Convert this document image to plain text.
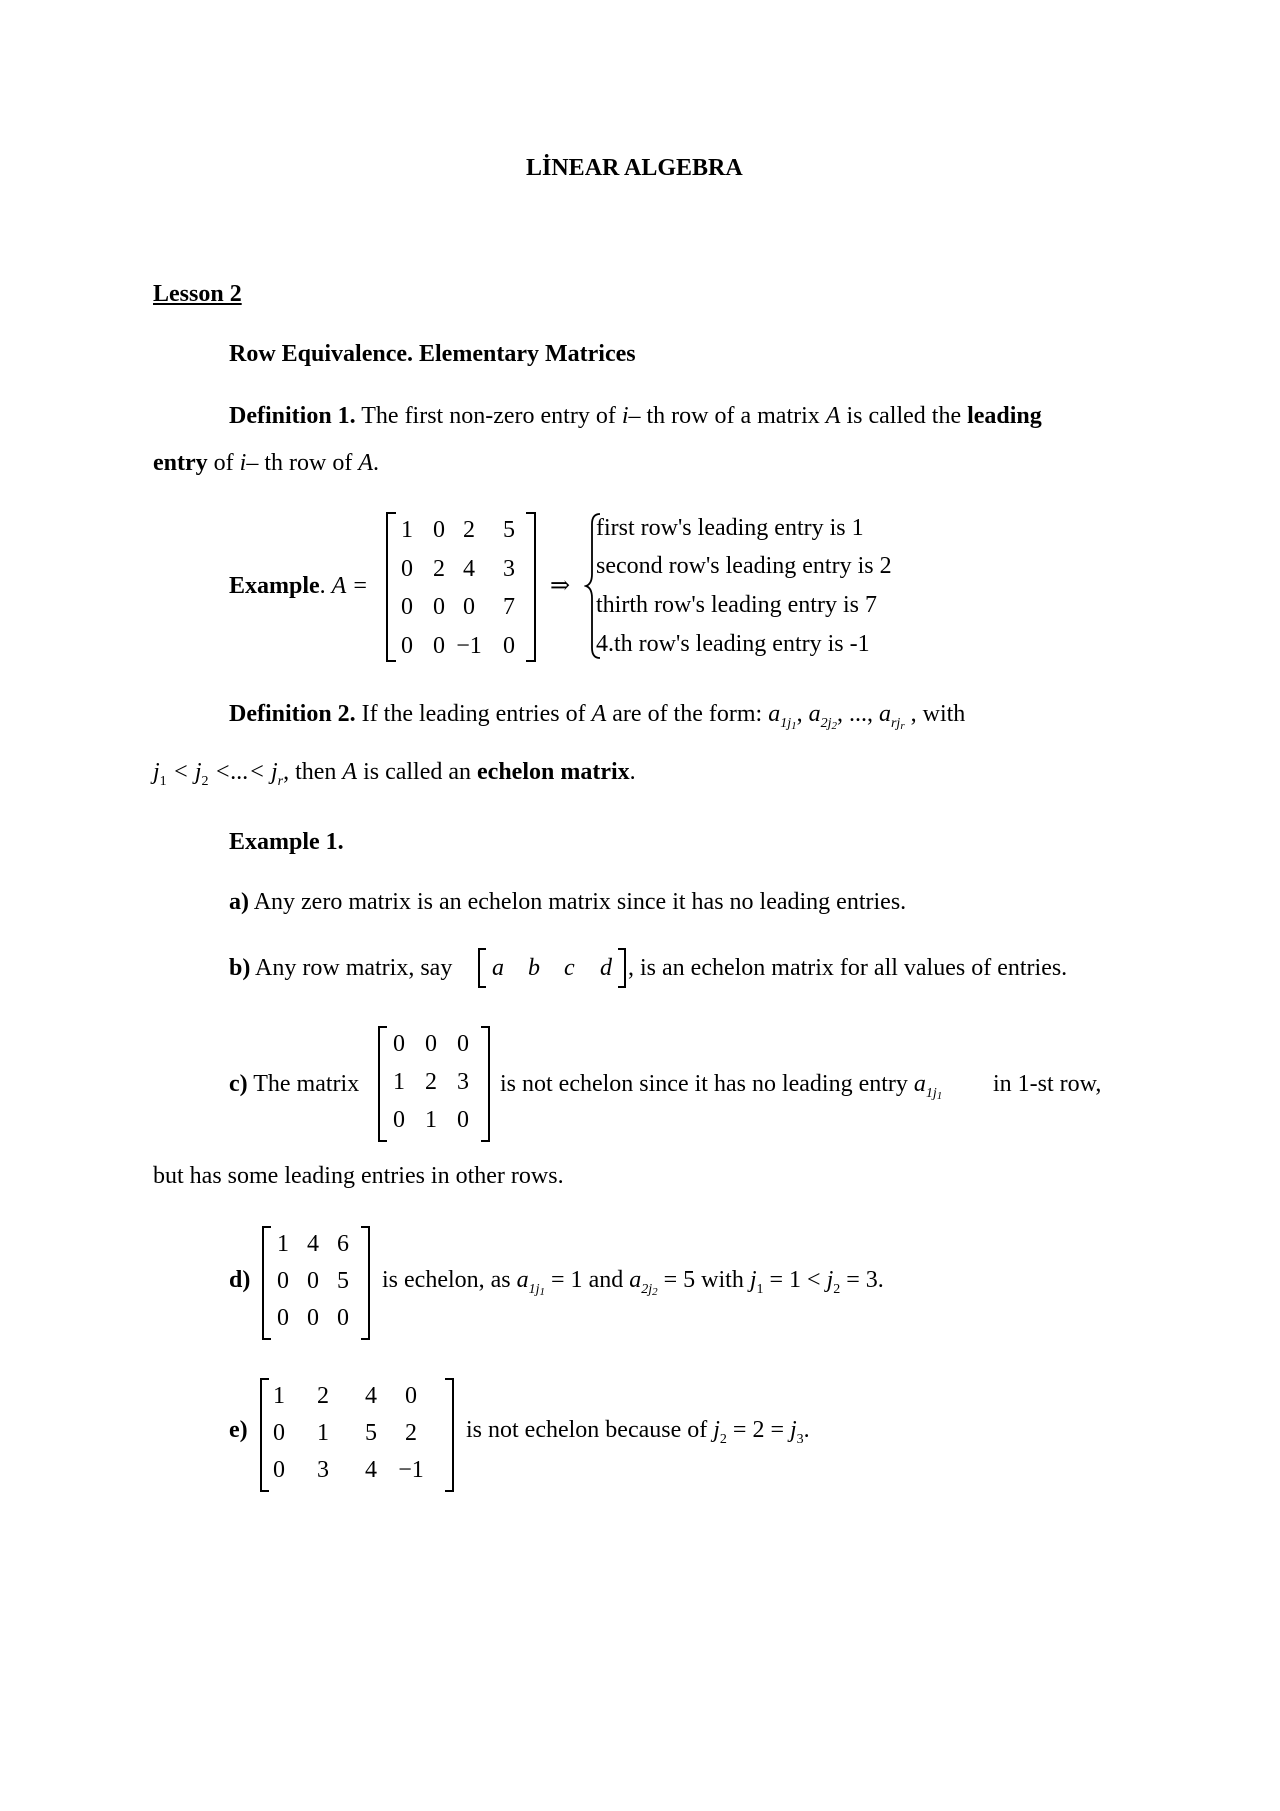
LİNEAR ALGEBRA
Lesson 2
Row Equivalence. Elementary Matrices
Definition 1. The first non-zero entry of i– th row of a matrix A is called the leading
entry of i– th row of A.
Example. A =
1 0 2	5
0 2 4	3
0 0 0	7
0 0 −1 0
⇒
first row's leading entry is 1
second row's leading entry is 2
thirth row's leading entry is 7
4.th row's leading entry is -1
Definition 2. If the leading entries of A are of the form: $a_{1j1}$, $a_{2j2}$, ..., $a_{rjr}$ , with
$j_1 < j_2$ <...< $j_r$, then A is called an echelon matrix.
Example 1.
a) Any zero matrix is an echelon matrix since it has no leading entries.
b) Any row matrix, say a b c d , is an echelon matrix for all values of entries.
c) The matrix
0 0 0
1 2 3
0 1 0
is not echelon since it has no leading entry $a_{1j1}$ in 1-st row,
but has some leading entries in other rows.
d)
1 4 6
0 0 5
0 0 0
is echelon, as $a_{1j1} = 1$ and $a_{2j2} = 5$ with $j_1 = 1 < j_2 = 3$.
e)
1	2	4	0
0	1	5	2
0	3	4 −1
is not echelon because of $j_2 = 2 = j_3$.
